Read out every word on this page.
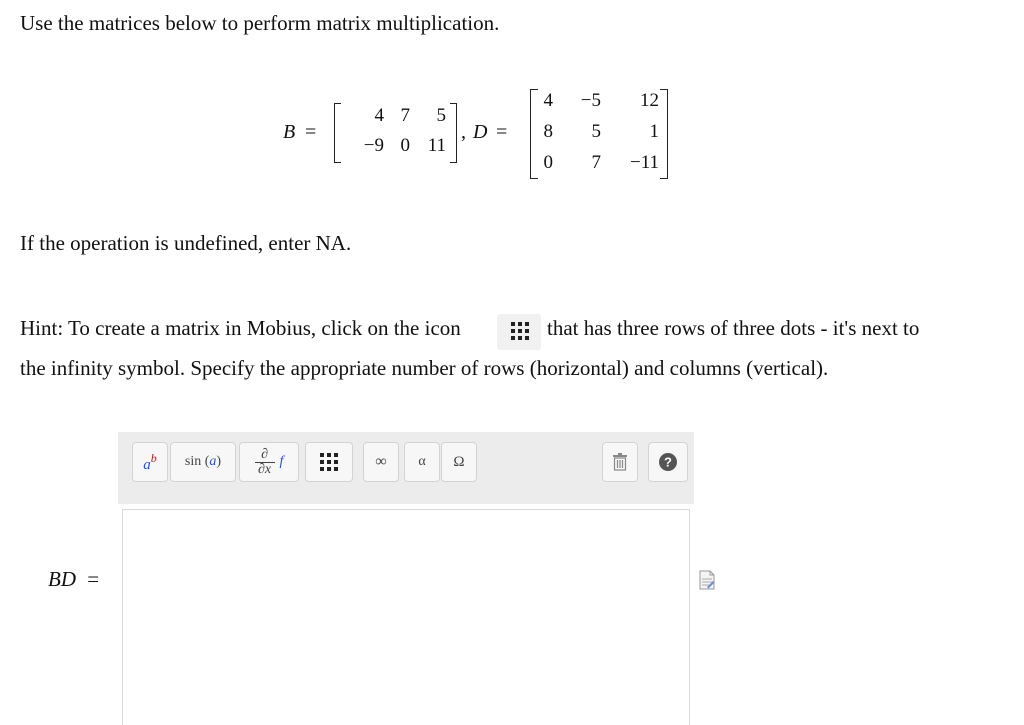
Use the matrices below to perform matrix multiplication.
B =
4 7	5
−9 0 11
, D =
4	−5	12
8	5	1
0	7 −11
If the operation is undefined, enter NA.
Hint: To create a matrix in Mobius, click on the icon	that has three rows of three dots - it's next to
the infinity symbol. Specify the appropriate number of rows (horizontal) and columns (vertical).
BD =
a b sin ( a )	∂
∂x f	∞ α Ω	?
